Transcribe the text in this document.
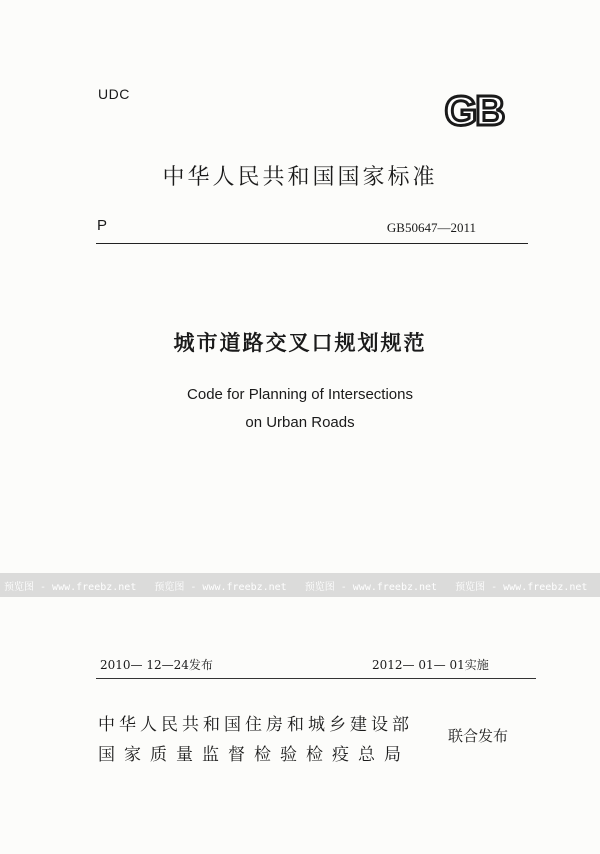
UDC	GB
中华人民共和国国家标准
P	GB50647—2011
城市道路交叉口规划规范
Code for Planning of Intersections
on Urban Roads
预览图 - www.freebz.net 预览图 - www.freebz.net 预览图 - www.freebz.net 预览图 - www.freebz.net
2010— 12—24发布	2012— 01— 01实施
中华人民共和国住房和城乡建设部
国家质量监督检验检疫总局
联合发布
